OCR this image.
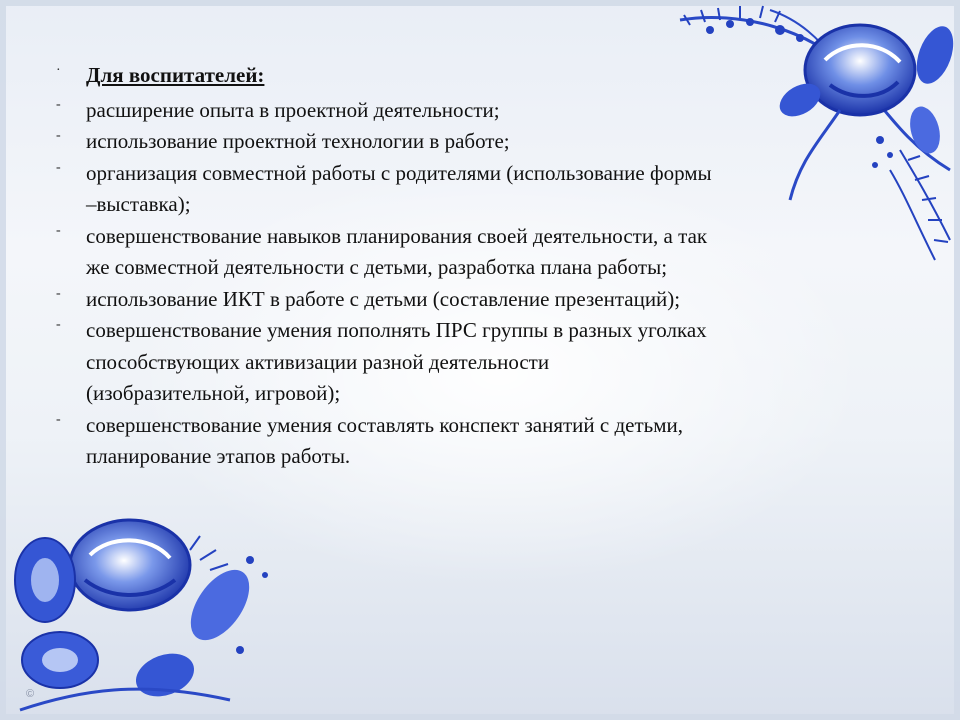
·	Для воспитателей:
-	расширение опыта в проектной деятельности;
-	использование проектной технологии в работе;
-	организация совместной работы с родителями (использование формы –выставка);
-	совершенствование навыков планирования своей деятельности, а так же совместной деятельности с детьми, разработка плана работы;
-	использование ИКТ в работе с детьми (составление презентаций);
-	совершенствование умения пополнять ПРС группы в разных уголках способствующих активизации разной деятельности (изобразительной, игровой);
-	совершенствование умения составлять конспект занятий с детьми, планирование этапов работы.
©
